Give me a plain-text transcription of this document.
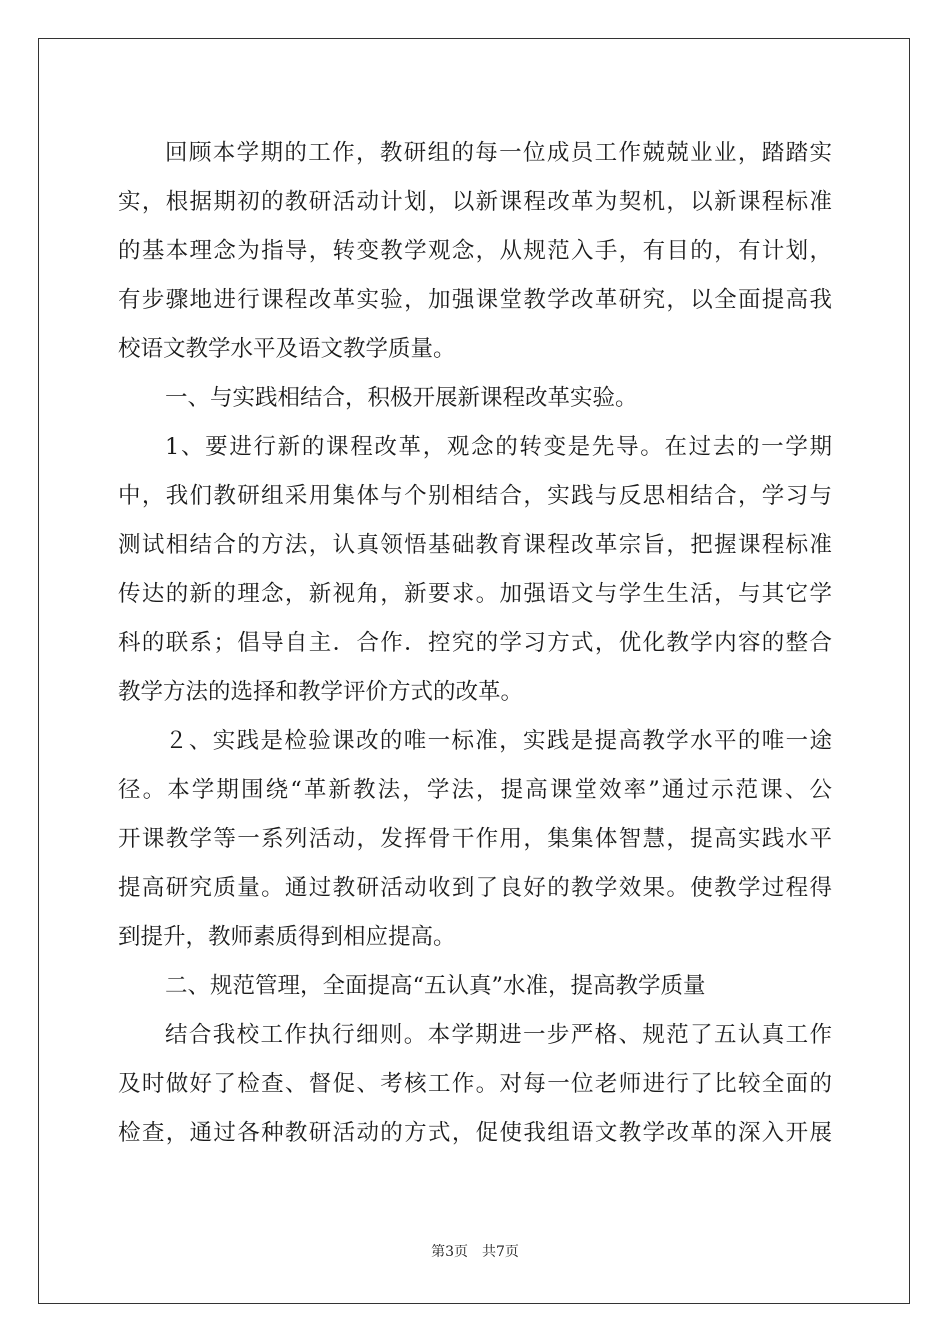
回顾本学期的工作，教研组的每一位成员工作兢兢业业，踏踏实
实，根据期初的教研活动计划，以新课程改革为契机，以新课程标准
的基本理念为指导，转变教学观念，从规范入手，有目的，有计划，
有步骤地进行课程改革实验，加强课堂教学改革研究，以全面提高我
校语文教学水平及语文教学质量。
一、与实践相结合，积极开展新课程改革实验。
1、要进行新的课程改革，观念的转变是先导。在过去的一学期
中，我们教研组采用集体与个别相结合，实践与反思相结合，学习与
测试相结合的方法，认真领悟基础教育课程改革宗旨，把握课程标准
传达的新的理念，新视角，新要求。加强语文与学生生活，与其它学
科的联系；倡导自主．合作．控究的学习方式，优化教学内容的整合
教学方法的选择和教学评价方式的改革。
２、实践是检验课改的唯一标准，实践是提高教学水平的唯一途
径。本学期围绕“革新教法，学法，提高课堂效率”通过示范课、公
开课教学等一系列活动，发挥骨干作用，集集体智慧，提高实践水平
提高研究质量。通过教研活动收到了良好的教学效果。使教学过程得
到提升，教师素质得到相应提高。
二、规范管理，全面提高“五认真”水准，提高教学质量
结合我校工作执行细则。本学期进一步严格、规范了五认真工作
及时做好了检查、督促、考核工作。对每一位老师进行了比较全面的
检查，通过各种教研活动的方式，促使我组语文教学改革的深入开展
第3页 共7页
